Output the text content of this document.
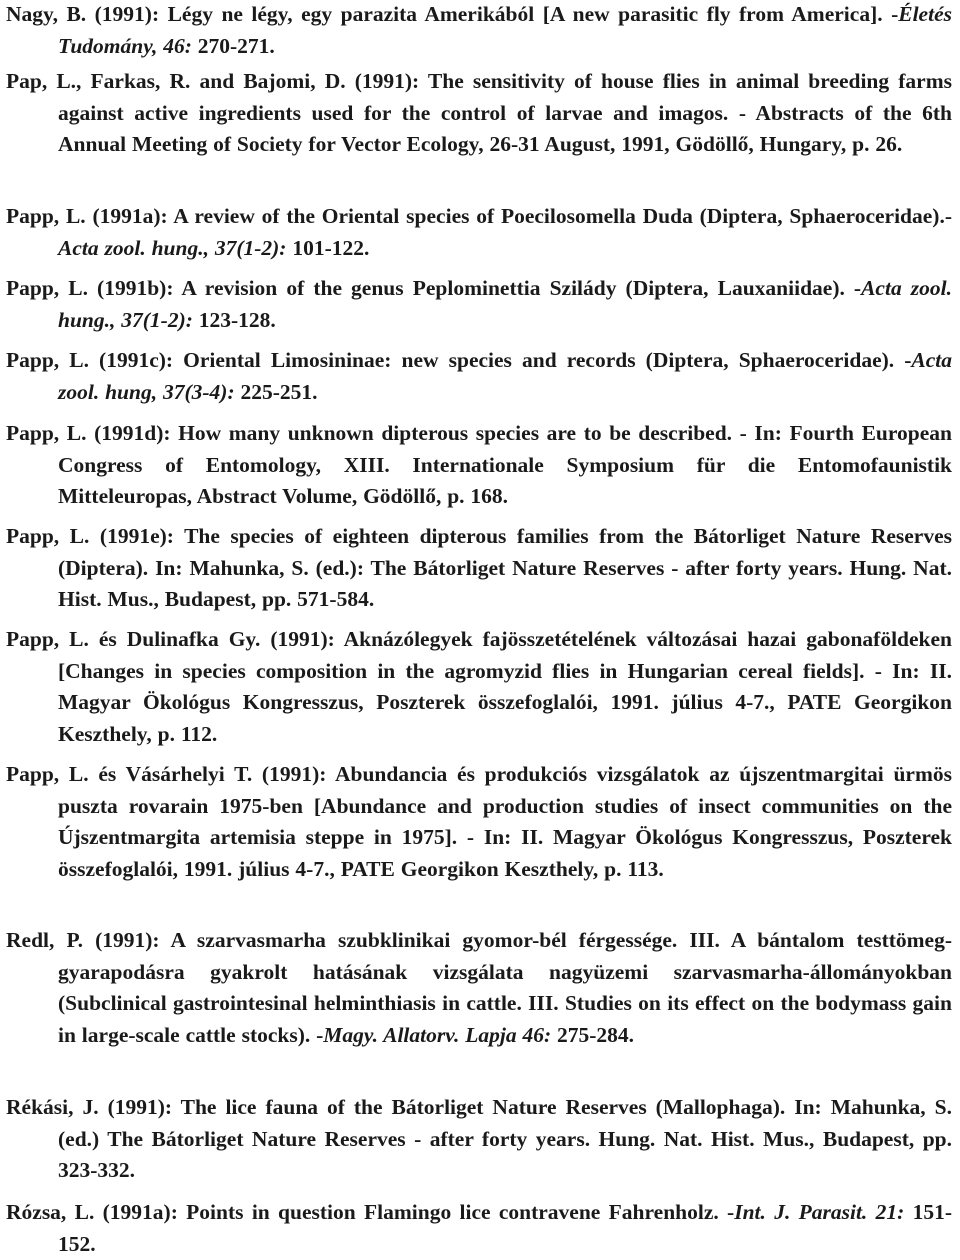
Nagy, B. (1991): Légy ne légy, egy parazita Amerikából [A new parasitic fly from America]. -Életés Tudomány, 46: 270-271.
Pap, L., Farkas, R. and Bajomi, D. (1991): The sensitivity of house flies in animal breeding farms against active ingredients used for the control of larvae and imagos. - Abstracts of the 6th Annual Meeting of Society for Vector Ecology, 26-31 August, 1991, Gödöllő, Hungary, p. 26.
Papp, L. (1991a): A review of the Oriental species of Poecilosomella Duda (Diptera, Sphaeroceridae).-Acta zool. hung., 37(1-2): 101-122.
Papp, L. (1991b): A revision of the genus Peplominettia Szilády (Diptera, Lauxaniidae). -Acta zool. hung., 37(1-2): 123-128.
Papp, L. (1991c): Oriental Limosininae: new species and records (Diptera, Sphaeroceridae). -Acta zool. hung, 37(3-4): 225-251.
Papp, L. (1991d): How many unknown dipterous species are to be described. - In: Fourth European Congress of Entomology, XIII. Internationale Symposium für die Entomofaunistik Mitteleuropas, Abstract Volume, Gödöllő, p. 168.
Papp, L. (1991e): The species of eighteen dipterous families from the Bátorliget Nature Reserves (Diptera). In: Mahunka, S. (ed.): The Bátorliget Nature Reserves - after forty years. Hung. Nat. Hist. Mus., Budapest, pp. 571-584.
Papp, L. és Dulinafka Gy. (1991): Aknázólegyek fajösszetételének változásai hazai gabonaföldeken [Changes in species composition in the agromyzid flies in Hungarian cereal fields]. - In: II. Magyar Ökológus Kongresszus, Poszterek összefoglalói, 1991. július 4-7., PATE Georgikon Keszthely, p. 112.
Papp, L. és Vásárhelyi T. (1991): Abundancia és produkciós vizsgálatok az újszentmargitai ürmös puszta rovarain 1975-ben [Abundance and production studies of insect communities on the Újszentmargita artemisia steppe in 1975]. - In: II. Magyar Ökológus Kongresszus, Poszterek összefoglalói, 1991. július 4-7., PATE Georgikon Keszthely, p. 113.
Redl, P. (1991): A szarvasmarha szubklinikai gyomor-bél férgessége. III. A bántalom testtömeg-gyarapodásra gyakrolt hatásának vizsgálata nagyüzemi szarvasmarha-állományokban (Subclinical gastrointesinal helminthiasis in cattle. III. Studies on its effect on the bodymass gain in large-scale cattle stocks). -Magy. Allatorv. Lapja 46: 275-284.
Rékási, J. (1991): The lice fauna of the Bátorliget Nature Reserves (Mallophaga). In: Mahunka, S. (ed.) The Bátorliget Nature Reserves - after forty years. Hung. Nat. Hist. Mus., Budapest, pp. 323-332.
Rózsa, L. (1991a): Points in question Flamingo lice contravene Fahrenholz. -Int. J. Parasit. 21: 151-152.
